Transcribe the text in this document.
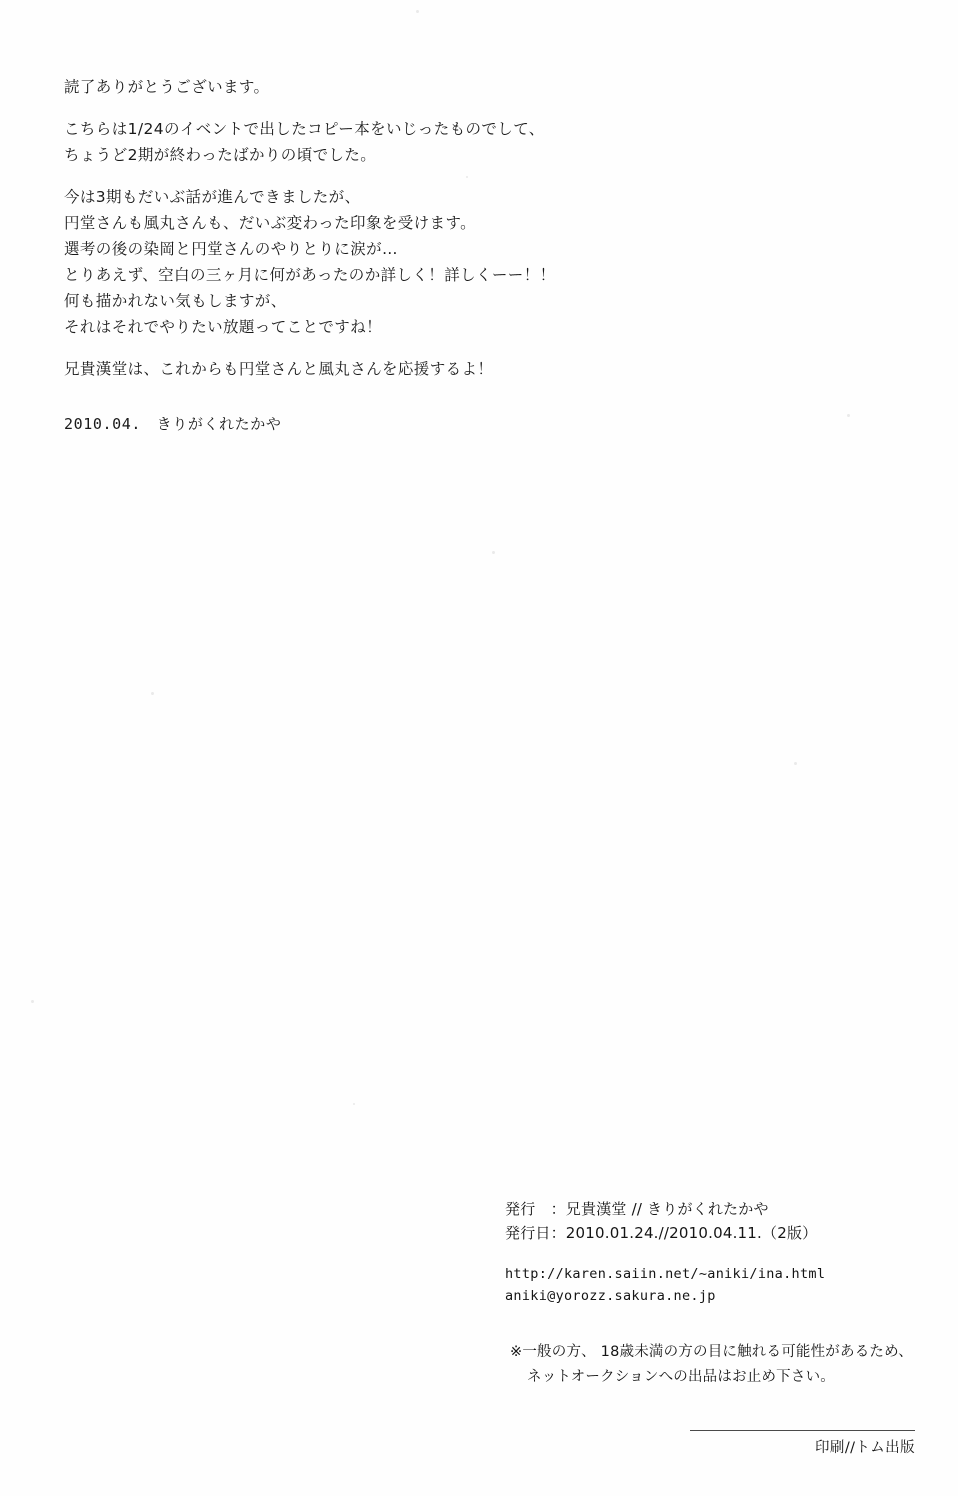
読了ありがとうございます。
こちらは1/24のイベントで出したコピー本をいじったものでして、
ちょうど2期が終わったばかりの頃でした。
今は3期もだいぶ話が進んできましたが、
円堂さんも風丸さんも、だいぶ変わった印象を受けます。
選考の後の染岡と円堂さんのやりとりに涙が…
とりあえず、空白の三ヶ月に何があったのか詳しく！詳しくーー！！
何も描かれない気もしますが、
それはそれでやりたい放題ってことですね！
兄貴漢堂は、これからも円堂さんと風丸さんを応援するよ！
2010.04.　きりがくれたかや
発行　：兄貴漢堂 // きりがくれたかや
発行日：2010.01.24.//2010.04.11.（2版）
http://karen.saiin.net/~aniki/ina.html
aniki@yorozz.sakura.ne.jp
※一般の方、 18歳未満の方の目に触れる可能性があるため、
ネットオークションへの出品はお止め下さい。
印刷//トム出版
